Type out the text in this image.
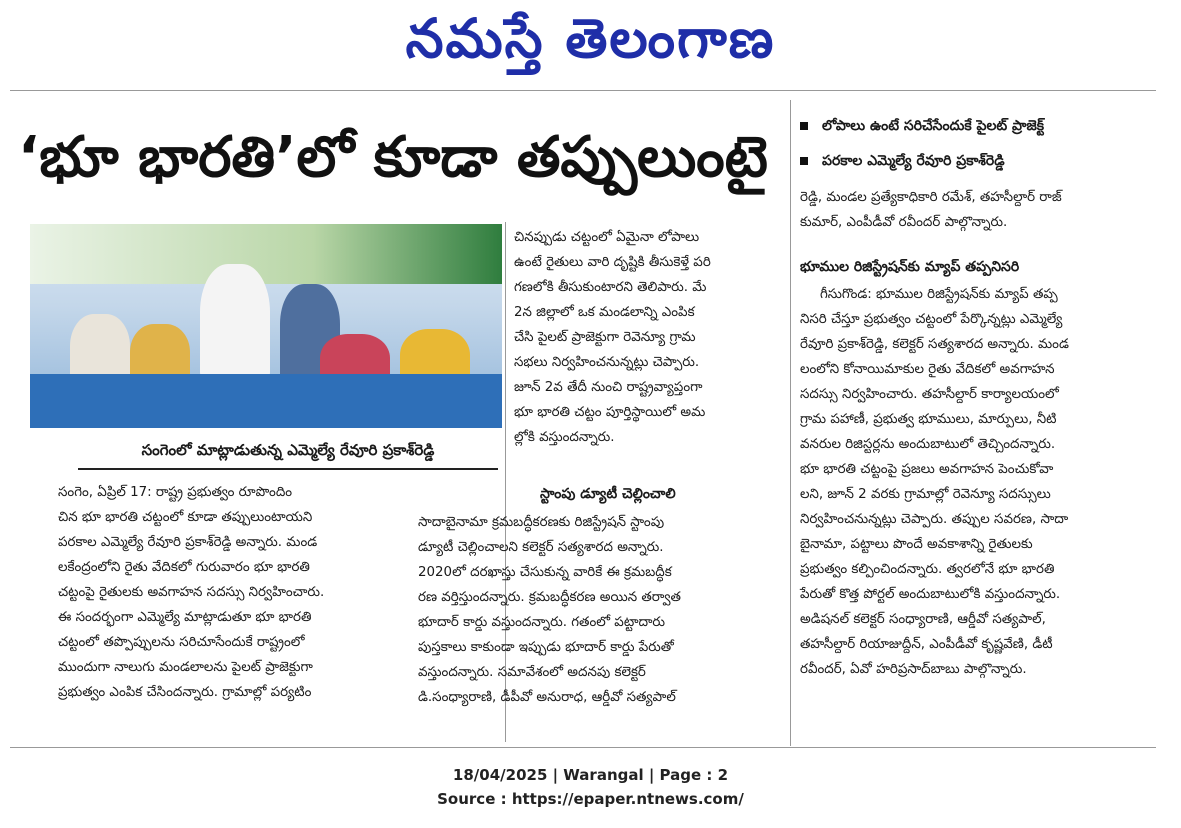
నమస్తే తెలంగాణ
‘భూ భారతి’లో కూడా తప్పులుంటై	లోపాలు ఉంటే సరిచేసేందుకే పైలట్ ప్రాజెక్ట్
పరకాల ఎమ్మెల్యే రేవూరి ప్రకాశ్‌రెడ్డి

రెడ్డి, మండల ప్రత్యేకాధికారి రమేశ్, తహసీల్దార్ రాజ్

కుమార్, ఎంపీడీవో రవీందర్ పాల్గొన్నారు.

సంగెంలో మాట్లాడుతున్న ఎమ్మెల్యే రేవూరి ప్రకాశ్‌రెడ్డి

సంగెం, ఏప్రిల్ 17: రాష్ట్ర ప్రభుత్వం రూపొందిం

చిన భూ భారతి చట్టంలో కూడా తప్పులుంటాయని

పరకాల ఎమ్మెల్యే రేవూరి ప్రకాశ్‌రెడ్డి అన్నారు. మండ

లకేంద్రంలోని రైతు వేదికలో గురువారం భూ భారతి

చట్టంపై రైతులకు అవగాహన సదస్సు నిర్వహించారు.

ఈ సందర్భంగా ఎమ్మెల్యే మాట్లాడుతూ భూ భారతి

చట్టంలో తప్పొప్పులను సరిచూసేందుకే రాష్ట్రంలో

ముందుగా నాలుగు మండలాలను పైలట్ ప్రాజెక్టుగా

ప్రభుత్వం ఎంపిక చేసిందన్నారు. గ్రామాల్లో పర్యటిం

చినప్పుడు చట్టంలో ఏమైనా లోపాలు

ఉంటే రైతులు వారి దృష్టికి తీసుకెళ్తే పరి

గణలోకి తీసుకుంటారని తెలిపారు. మే

2న జిల్లాలో ఒక మండలాన్ని ఎంపిక

చేసి పైలట్ ప్రాజెక్టుగా రెవెన్యూ గ్రామ

సభలు నిర్వహించనున్నట్లు చెప్పారు.

జూన్ 2వ తేదీ నుంచి రాష్ట్రవ్యాప్తంగా

భూ భారతి చట్టం పూర్తిస్థాయిలో అమ

ల్లోకి వస్తుందన్నారు.

స్టాంపు డ్యూటీ చెల్లించాలి

సాదాబైనామా క్రమబద్ధీకరణకు రిజిస్ట్రేషన్ స్టాంపు

డ్యూటీ చెల్లించాలని కలెక్టర్ సత్యశారద అన్నారు.

2020లో దరఖాస్తు చేసుకున్న వారికే ఈ క్రమబద్ధీక

రణ వర్తిస్తుందన్నారు. క్రమబద్ధీకరణ అయిన తర్వాత

భూదార్ కార్డు వస్తుందన్నారు. గతంలో పట్టాదారు

పుస్తకాలు కాకుండా ఇప్పుడు భూదార్ కార్డు పేరుతో

వస్తుందన్నారు. సమావేశంలో అదనపు కలెక్టర్

డి.సంధ్యారాణి, డీపీవో అనురాధ, ఆర్డీవో సత్యపాల్

భూముల రిజిస్ట్రేషన్‌కు మ్యాప్ తప్పనిసరి

గీసుగొండ: భూముల రిజిస్ట్రేషన్‌కు మ్యాప్ తప్ప

నిసరి చేస్తూ ప్రభుత్వం చట్టంలో పేర్కొన్నట్లు ఎమ్మెల్యే

రేవూరి ప్రకాశ్‌రెడ్డి, కలెక్టర్ సత్యశారద అన్నారు. మండ

లంలోని కోనాయిమాకుల రైతు వేదికలో అవగాహన

సదస్సు నిర్వహించారు. తహసీల్దార్ కార్యాలయంలో

గ్రామ పహాణీ, ప్రభుత్వ భూములు, మార్పులు, నీటి

వనరుల రిజిస్టర్లను అందుబాటులో తెచ్చిందన్నారు.

భూ భారతి చట్టంపై ప్రజలు అవగాహన పెంచుకోవా

లని, జూన్ 2 వరకు గ్రామాల్లో రెవెన్యూ సదస్సులు

నిర్వహించనున్నట్లు చెప్పారు. తప్పుల సవరణ, సాదా

బైనామా, పట్టాలు పొందే అవకాశాన్ని రైతులకు

ప్రభుత్వం కల్పించిందన్నారు. త్వరలోనే భూ భారతి

పేరుతో కొత్త పోర్టల్ అందుబాటులోకి వస్తుందన్నారు.

అడిషనల్ కలెక్టర్ సంధ్యారాణి, ఆర్డీవో సత్యపాల్,

తహసీల్దార్ రియాజుద్దీన్, ఎంపీడీవో కృష్ణవేణి, డీటీ

రవీందర్, ఏవో హరిప్రసాద్‌బాబు పాల్గొన్నారు.

18/04/2025 | Warangal | Page : 2
Source : https://epaper.ntnews.com/
